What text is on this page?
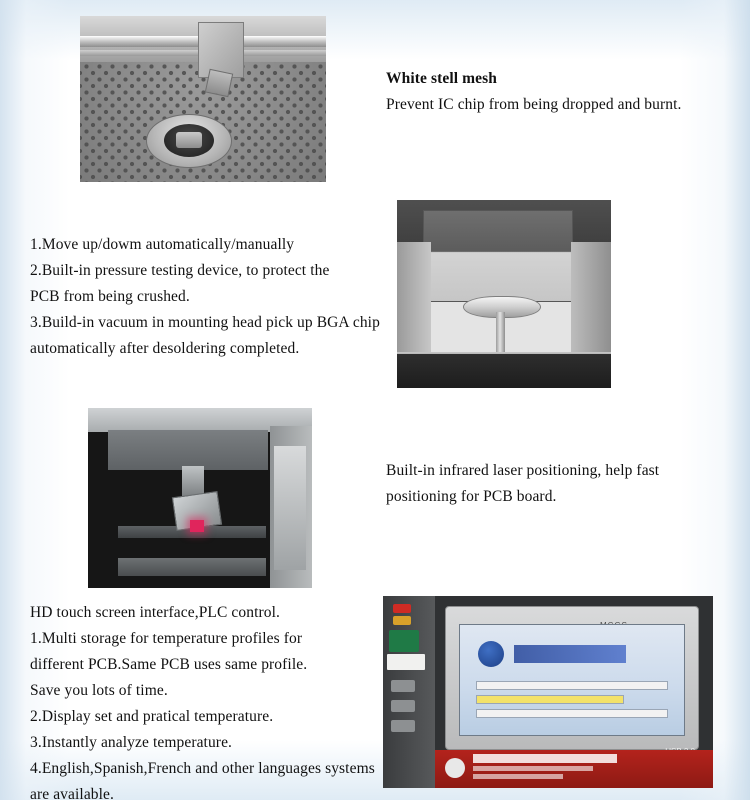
White stell mesh

Prevent IC chip from being dropped and burnt.

1.Move up/dowm automatically/manually

2.Built-in pressure testing device, to protect the

PCB from being crushed.

3.Build-in vacuum in mounting head pick up BGA chip

automatically after desoldering completed.

Built-in infrared laser positioning, help fast

positioning for PCB board.

HD touch screen interface,PLC control.

1.Multi storage for temperature profiles for

different PCB.Same PCB uses same profile.

Save you lots of time.

2.Display set and pratical temperature.

3.Instantly analyze temperature.

4.English,Spanish,French and other languages systems

are available.
